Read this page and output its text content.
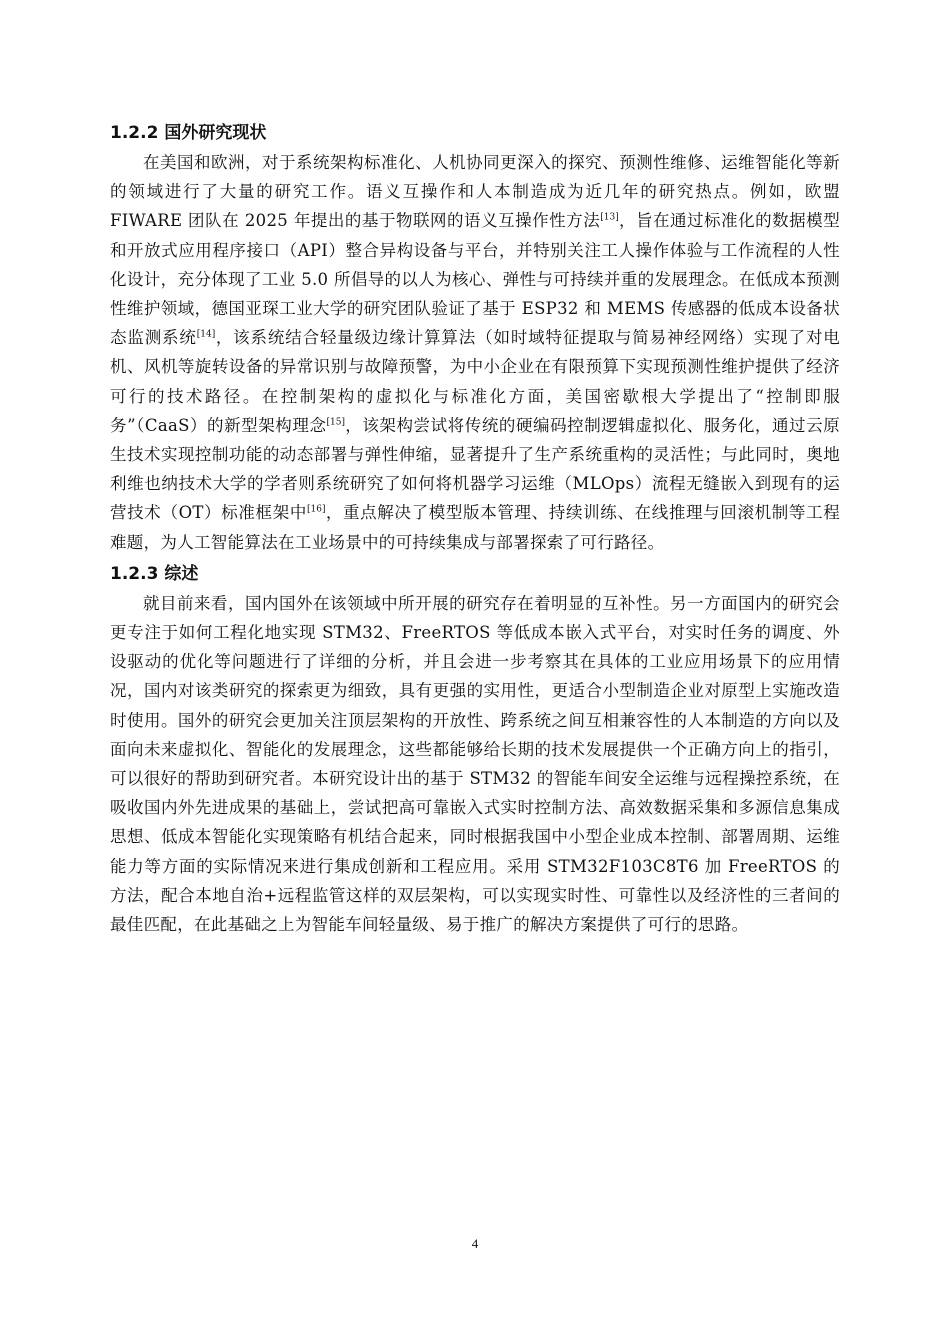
1.2.2 国外研究现状

在美国和欧洲，对于系统架构标准化、人机协同更深入的探究、预测性维修、运维智能化等新的领域进行了大量的研究工作。语义互操作和人本制造成为近几年的研究热点。例如，欧盟 FIWARE 团队在 2025 年提出的基于物联网的语义互操作性方法[13]，旨在通过标准化的数据模型和开放式应用程序接口（API）整合异构设备与平台，并特别关注工人操作体验与工作流程的人性化设计，充分体现了工业 5.0 所倡导的以人为核心、弹性与可持续并重的发展理念。在低成本预测性维护领域，德国亚琛工业大学的研究团队验证了基于 ESP32 和 MEMS 传感器的低成本设备状态监测系统[14]，该系统结合轻量级边缘计算算法（如时域特征提取与简易神经网络）实现了对电机、风机等旋转设备的异常识别与故障预警，为中小企业在有限预算下实现预测性维护提供了经济可行的技术路径。在控制架构的虚拟化与标准化方面，美国密歇根大学提出了“控制即服务”（CaaS）的新型架构理念[15]，该架构尝试将传统的硬编码控制逻辑虚拟化、服务化，通过云原生技术实现控制功能的动态部署与弹性伸缩，显著提升了生产系统重构的灵活性；与此同时，奥地利维也纳技术大学的学者则系统研究了如何将机器学习运维（MLOps）流程无缝嵌入到现有的运营技术（OT）标准框架中[16]，重点解决了模型版本管理、持续训练、在线推理与回滚机制等工程难题，为人工智能算法在工业场景中的可持续集成与部署探索了可行路径。

1.2.3 综述

就目前来看，国内国外在该领域中所开展的研究存在着明显的互补性。另一方面国内的研究会更专注于如何工程化地实现 STM32、FreeRTOS 等低成本嵌入式平台，对实时任务的调度、外设驱动的优化等问题进行了详细的分析，并且会进一步考察其在具体的工业应用场景下的应用情况，国内对该类研究的探索更为细致，具有更强的实用性，更适合小型制造企业对原型上实施改造时使用。国外的研究会更加关注顶层架构的开放性、跨系统之间互相兼容性的人本制造的方向以及面向未来虚拟化、智能化的发展理念，这些都能够给长期的技术发展提供一个正确方向上的指引，可以很好的帮助到研究者。本研究设计出的基于 STM32 的智能车间安全运维与远程操控系统，在吸收国内外先进成果的基础上，尝试把高可靠嵌入式实时控制方法、高效数据采集和多源信息集成思想、低成本智能化实现策略有机结合起来，同时根据我国中小型企业成本控制、部署周期、运维能力等方面的实际情况来进行集成创新和工程应用。采用 STM32F103C8T6 加 FreeRTOS 的方法，配合本地自治+远程监管这样的双层架构，可以实现实时性、可靠性以及经济性的三者间的最佳匹配，在此基础之上为智能车间轻量级、易于推广的解决方案提供了可行的思路。

4
